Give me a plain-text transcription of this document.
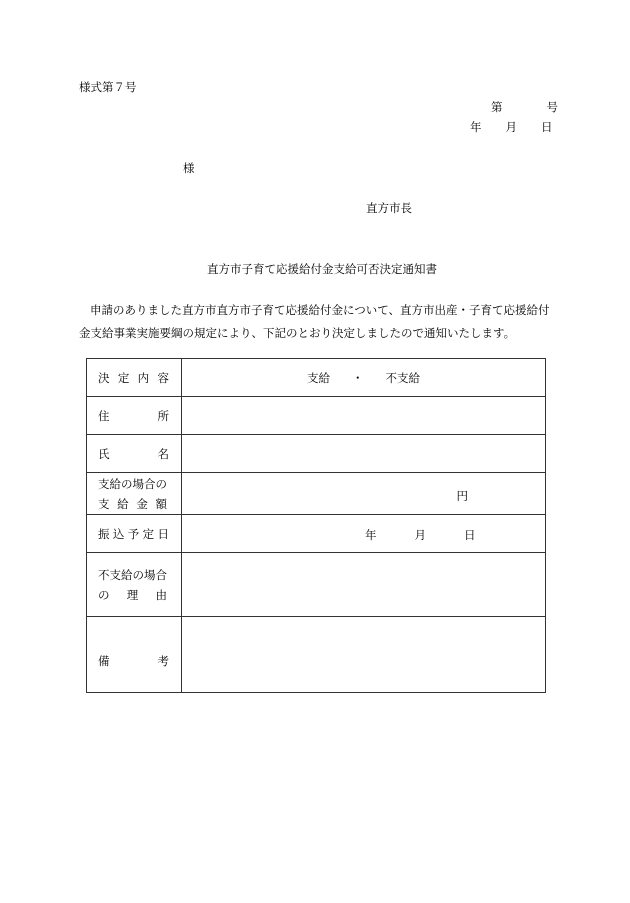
様式第７号
第	号
年 月 日
様
直方市長
直方市子育て応援給付金支給可否決定通知書
申請のありました直方市直方市子育て応援給付金について、直方市出産・子育て応援給付金支給事業実施要綱の規定により、下記のとおり決定しましたので通知いたします。
決 定 内 容	支給 ・ 不支給

住 所	

氏 名	

支給の場合の
支 給 金 額	円

振 込 予 定 日	年 月 日

不支給の場合
の 理 由	

備 考	
